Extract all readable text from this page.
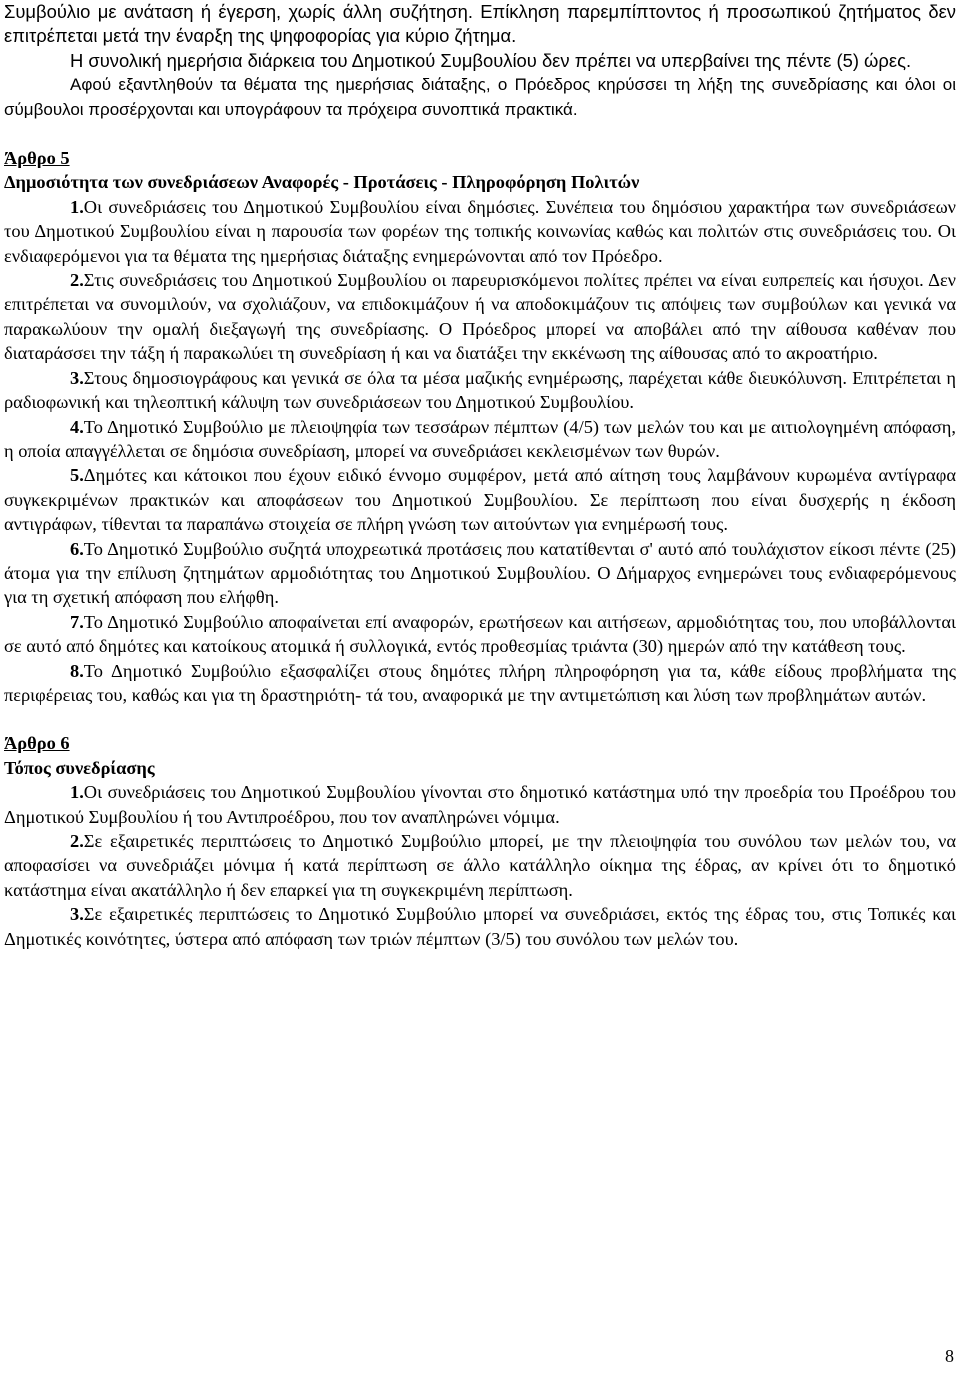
Συμβούλιο με ανάταση ή έγερση, χωρίς άλλη συζήτηση. Επίκληση παρεμπίπτοντος ή προσωπικού ζητήματος δεν επιτρέπεται μετά την έναρξη της ψηφοφορίας για κύριο ζήτημα.

Η συνολική ημερήσια διάρκεια του Δημοτικού Συμβουλίου δεν πρέπει να υπερβαίνει της πέντε (5) ώρες.

Αφού εξαντληθούν τα θέματα της ημερήσιας διάταξης, ο Πρόεδρος κηρύσσει τη λήξη της συνεδρίασης και όλοι οι σύμβουλοι προσέρχονται και υπογράφουν τα πρόχειρα συνοπτικά πρακτικά.

Άρθρο 5
Δημοσιότητα των συνεδριάσεων Αναφορές - Προτάσεις - Πληροφόρηση Πολιτών

1.Οι συνεδριάσεις του Δημοτικού Συμβουλίου είναι δημόσιες. Συνέπεια του δημόσιου χαρακτήρα των συνεδριάσεων του Δημοτικού Συμβουλίου είναι η παρουσία των φορέων της τοπικής κοινωνίας καθώς και πολιτών στις συνεδριάσεις του. Οι ενδιαφερόμενοι για τα θέματα της ημερήσιας διάταξης ενημερώνονται από τον Πρόεδρο.

2.Στις συνεδριάσεις του Δημοτικού Συμβουλίου οι παρευρισκόμενοι πολίτες πρέπει να είναι ευπρεπείς και ήσυχοι. Δεν επιτρέπεται να συνομιλούν, να σχολιάζουν, να επιδοκιμάζουν ή να αποδοκιμάζουν τις απόψεις των συμβούλων και γενικά να παρακωλύουν την ομαλή διεξαγωγή της συνεδρίασης. Ο Πρόεδρος μπορεί να αποβάλει από την αίθουσα καθέναν που διαταράσσει την τάξη ή παρακωλύει τη συνεδρίαση ή και να διατάξει την εκκένωση της αίθουσας από το ακροατήριο.

3.Στους δημοσιογράφους και γενικά σε όλα τα μέσα μαζικής ενημέρωσης, παρέχεται κάθε διευκόλυνση. Επιτρέπεται η ραδιοφωνική και τηλεοπτική κάλυψη των συνεδριάσεων του Δημοτικού Συμβουλίου.

4.Το Δημοτικό Συμβούλιο με πλειοψηφία των τεσσάρων πέμπτων (4/5) των μελών του και με αιτιολογημένη απόφαση, η οποία απαγγέλλεται σε δημόσια συνεδρίαση, μπορεί να συνεδριάσει κεκλεισμένων των θυρών.

5.Δημότες και κάτοικοι που έχουν ειδικό έννομο συμφέρον, μετά από αίτηση τους λαμβάνουν κυρωμένα αντίγραφα συγκεκριμένων πρακτικών και αποφάσεων του Δημοτικού Συμβουλίου. Σε περίπτωση που είναι δυσχερής η έκδοση αντιγράφων, τίθενται τα παραπάνω στοιχεία σε πλήρη γνώση των αιτούντων για ενημέρωσή τους.

6.Το Δημοτικό Συμβούλιο συζητά υποχρεωτικά προτάσεις που κατατίθενται σ' αυτό από τουλάχιστον είκοσι πέντε (25) άτομα για την επίλυση ζητημάτων αρμοδιότητας του Δημοτικού Συμβουλίου. Ο Δήμαρχος ενημερώνει τους ενδιαφερόμενους για τη σχετική απόφαση που ελήφθη.

7.Το Δημοτικό Συμβούλιο αποφαίνεται επί αναφορών, ερωτήσεων και αιτήσεων, αρμοδιότητας του, που υποβάλλονται σε αυτό από δημότες και κατοίκους ατομικά ή συλλογικά, εντός προθεσμίας τριάντα (30) ημερών από την κατάθεση τους.

8.Το Δημοτικό Συμβούλιο εξασφαλίζει στους δημότες πλήρη πληροφόρηση για τα, κάθε είδους προβλήματα της περιφέρειας του, καθώς και για τη δραστηριότη- τά του, αναφορικά με την αντιμετώπιση και λύση των προβλημάτων αυτών.

Άρθρο 6
Τόπος συνεδρίασης

1.Οι συνεδριάσεις του Δημοτικού Συμβουλίου γίνονται στο δημοτικό κατάστημα υπό την προεδρία του Προέδρου του Δημοτικού Συμβουλίου ή του Αντιπροέδρου, που τον αναπληρώνει νόμιμα.

2.Σε εξαιρετικές περιπτώσεις το Δημοτικό Συμβούλιο μπορεί, με την πλειοψηφία του συνόλου των μελών του, να αποφασίσει να συνεδριάζει μόνιμα ή κατά περίπτωση σε άλλο κατάλληλο οίκημα της έδρας, αν κρίνει ότι το δημοτικό κατάστημα είναι ακατάλληλο ή δεν επαρκεί για τη συγκεκριμένη περίπτωση.

3.Σε εξαιρετικές περιπτώσεις το Δημοτικό Συμβούλιο μπορεί να συνεδριάσει, εκτός της έδρας του, στις Τοπικές και Δημοτικές κοινότητες, ύστερα από απόφαση των τριών πέμπτων (3/5) του συνόλου των μελών του.

8
